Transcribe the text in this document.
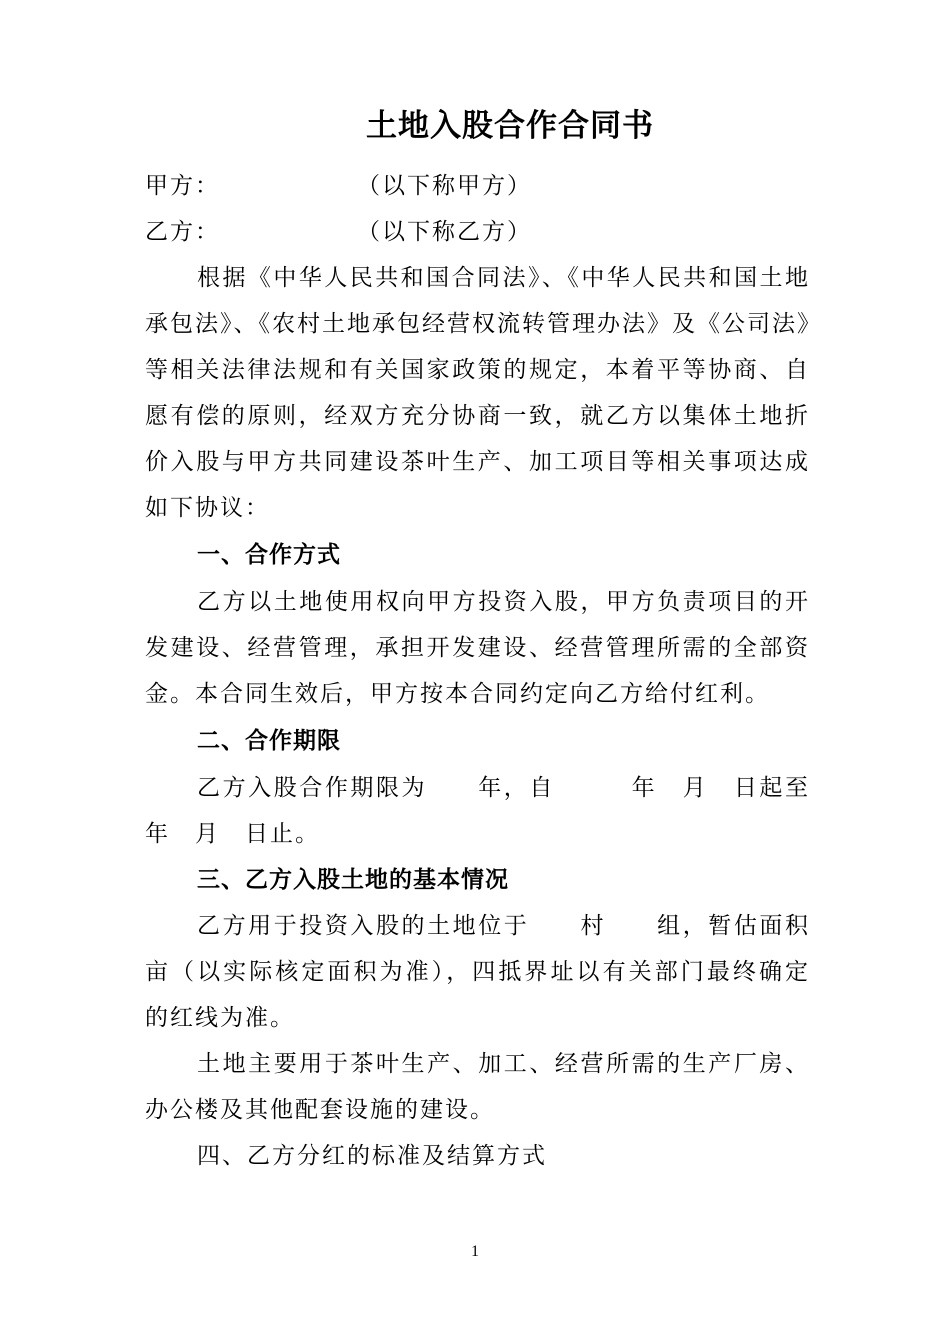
土地入股合作合同书
甲方：	（以下称甲方）
乙方：	（以下称乙方）
根据《中华人民共和国合同法》、《中华人民共和国土地
承包法》、《农村土地承包经营权流转管理办法》及《公司法》
等相关法律法规和有关国家政策的规定，本着平等协商、自
愿有偿的原则，经双方充分协商一致，就乙方以集体土地折
价入股与甲方共同建设茶叶生产、加工项目等相关事项达成
如下协议：
一、合作方式
乙方以土地使用权向甲方投资入股，甲方负责项目的开
发建设、经营管理，承担开发建设、经营管理所需的全部资
金。本合同生效后，甲方按本合同约定向乙方给付红利。
二、合作期限
乙方入股合作期限为　　年，自　　　年　月　日起至
年　月　日止。
三、乙方入股土地的基本情况
乙方用于投资入股的土地位于　　村　　组，暂估面积
亩（以实际核定面积为准），四抵界址以有关部门最终确定
的红线为准。
土地主要用于茶叶生产、加工、经营所需的生产厂房、
办公楼及其他配套设施的建设。
四、乙方分红的标准及结算方式
1
